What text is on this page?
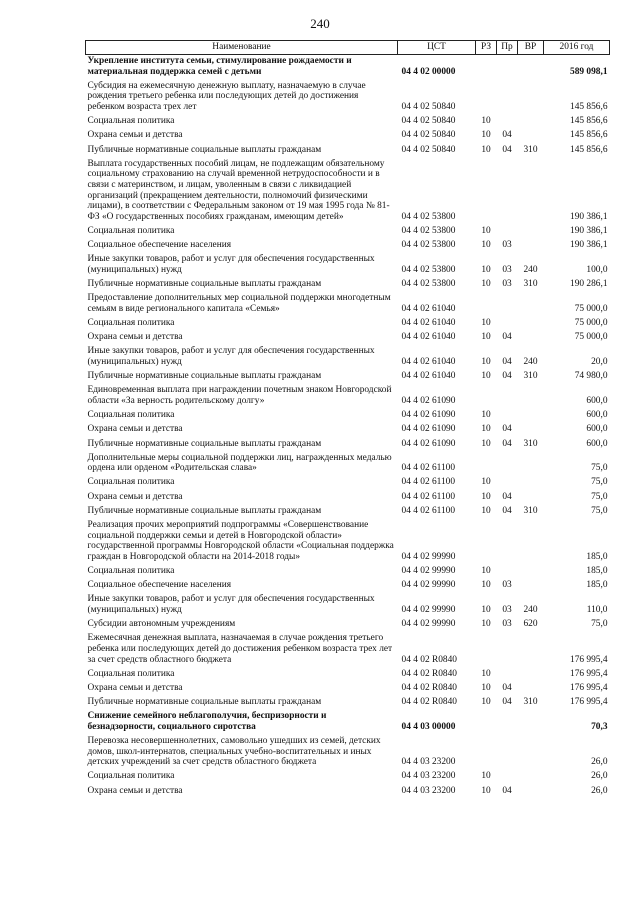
240
Наименование	ЦСТ	РЗ	Пр	ВР	2016 год
Укрепление института семьи, стимулирование рождаемости и материальная поддержка семей с детьми	04 4 02 00000				589 098,1
Субсидия на ежемесячную денежную выплату, назначаемую в случае рождения третьего ребенка или последующих детей до достижения ребенком возраста трех лет	04 4 02 50840				145 856,6
Социальная политика	04 4 02 50840	10			145 856,6
Охрана семьи и детства	04 4 02 50840	10	04		145 856,6
Публичные нормативные социальные выплаты гражданам	04 4 02 50840	10	04	310	145 856,6
Выплата государственных пособий лицам, не подлежащим обязательному социальному страхованию на случай временной нетрудоспособности и в связи с материнством, и лицам, уволенным в связи с ликвидацией организаций (прекращением деятельности, полномочий физическими лицами), в соответствии с Федеральным законом от 19 мая 1995 года № 81-ФЗ «О государственных пособиях гражданам, имеющим детей»	04 4 02 53800				190 386,1
Социальная политика	04 4 02 53800	10			190 386,1
Социальное обеспечение населения	04 4 02 53800	10	03		190 386,1
Иные закупки товаров, работ и услуг для обеспечения государственных (муниципальных) нужд	04 4 02 53800	10	03	240	100,0
Публичные нормативные социальные выплаты гражданам	04 4 02 53800	10	03	310	190 286,1
Предоставление дополнительных мер социальной поддержки многодетным семьям в виде регионального капитала «Семья»	04 4 02 61040				75 000,0
Социальная политика	04 4 02 61040	10			75 000,0
Охрана семьи и детства	04 4 02 61040	10	04		75 000,0
Иные закупки товаров, работ и услуг для обеспечения государственных (муниципальных) нужд	04 4 02 61040	10	04	240	20,0
Публичные нормативные социальные выплаты гражданам	04 4 02 61040	10	04	310	74 980,0
Единовременная выплата при награждении почетным знаком Новгородской области «За верность родительскому долгу»	04 4 02 61090				600,0
Социальная политика	04 4 02 61090	10			600,0
Охрана семьи и детства	04 4 02 61090	10	04		600,0
Публичные нормативные социальные выплаты гражданам	04 4 02 61090	10	04	310	600,0
Дополнительные меры социальной поддержки лиц, награжденных медалью ордена или орденом «Родительская слава»	04 4 02 61100				75,0
Социальная политика	04 4 02 61100	10			75,0
Охрана семьи и детства	04 4 02 61100	10	04		75,0
Публичные нормативные социальные выплаты гражданам	04 4 02 61100	10	04	310	75,0
Реализация прочих мероприятий подпрограммы «Совершенствование социальной поддержки семьи и детей в Новгородской области» государственной программы Новгородской области «Социальная поддержка граждан в Новгородской области на 2014-2018 годы»	04 4 02 99990				185,0
Социальная политика	04 4 02 99990	10			185,0
Социальное обеспечение населения	04 4 02 99990	10	03		185,0
Иные закупки товаров, работ и услуг для обеспечения государственных (муниципальных) нужд	04 4 02 99990	10	03	240	110,0
Субсидии автономным учреждениям	04 4 02 99990	10	03	620	75,0
Ежемесячная денежная выплата, назначаемая в случае рождения третьего ребенка или последующих детей до достижения ребенком возраста трех лет за счет средств областного бюджета	04 4 02 R0840				176 995,4
Социальная политика	04 4 02 R0840	10			176 995,4
Охрана семьи и детства	04 4 02 R0840	10	04		176 995,4
Публичные нормативные социальные выплаты гражданам	04 4 02 R0840	10	04	310	176 995,4
Снижение семейного неблагополучия, беспризорности и безнадзорности, социального сиротства	04 4 03 00000				70,3
Перевозка несовершеннолетних, самовольно ушедших из семей, детских домов, школ-интернатов, специальных учебно-воспитательных и иных детских учреждений за счет средств областного бюджета	04 4 03 23200				26,0
Социальная политика	04 4 03 23200	10			26,0
Охрана семьи и детства	04 4 03 23200	10	04		26,0
